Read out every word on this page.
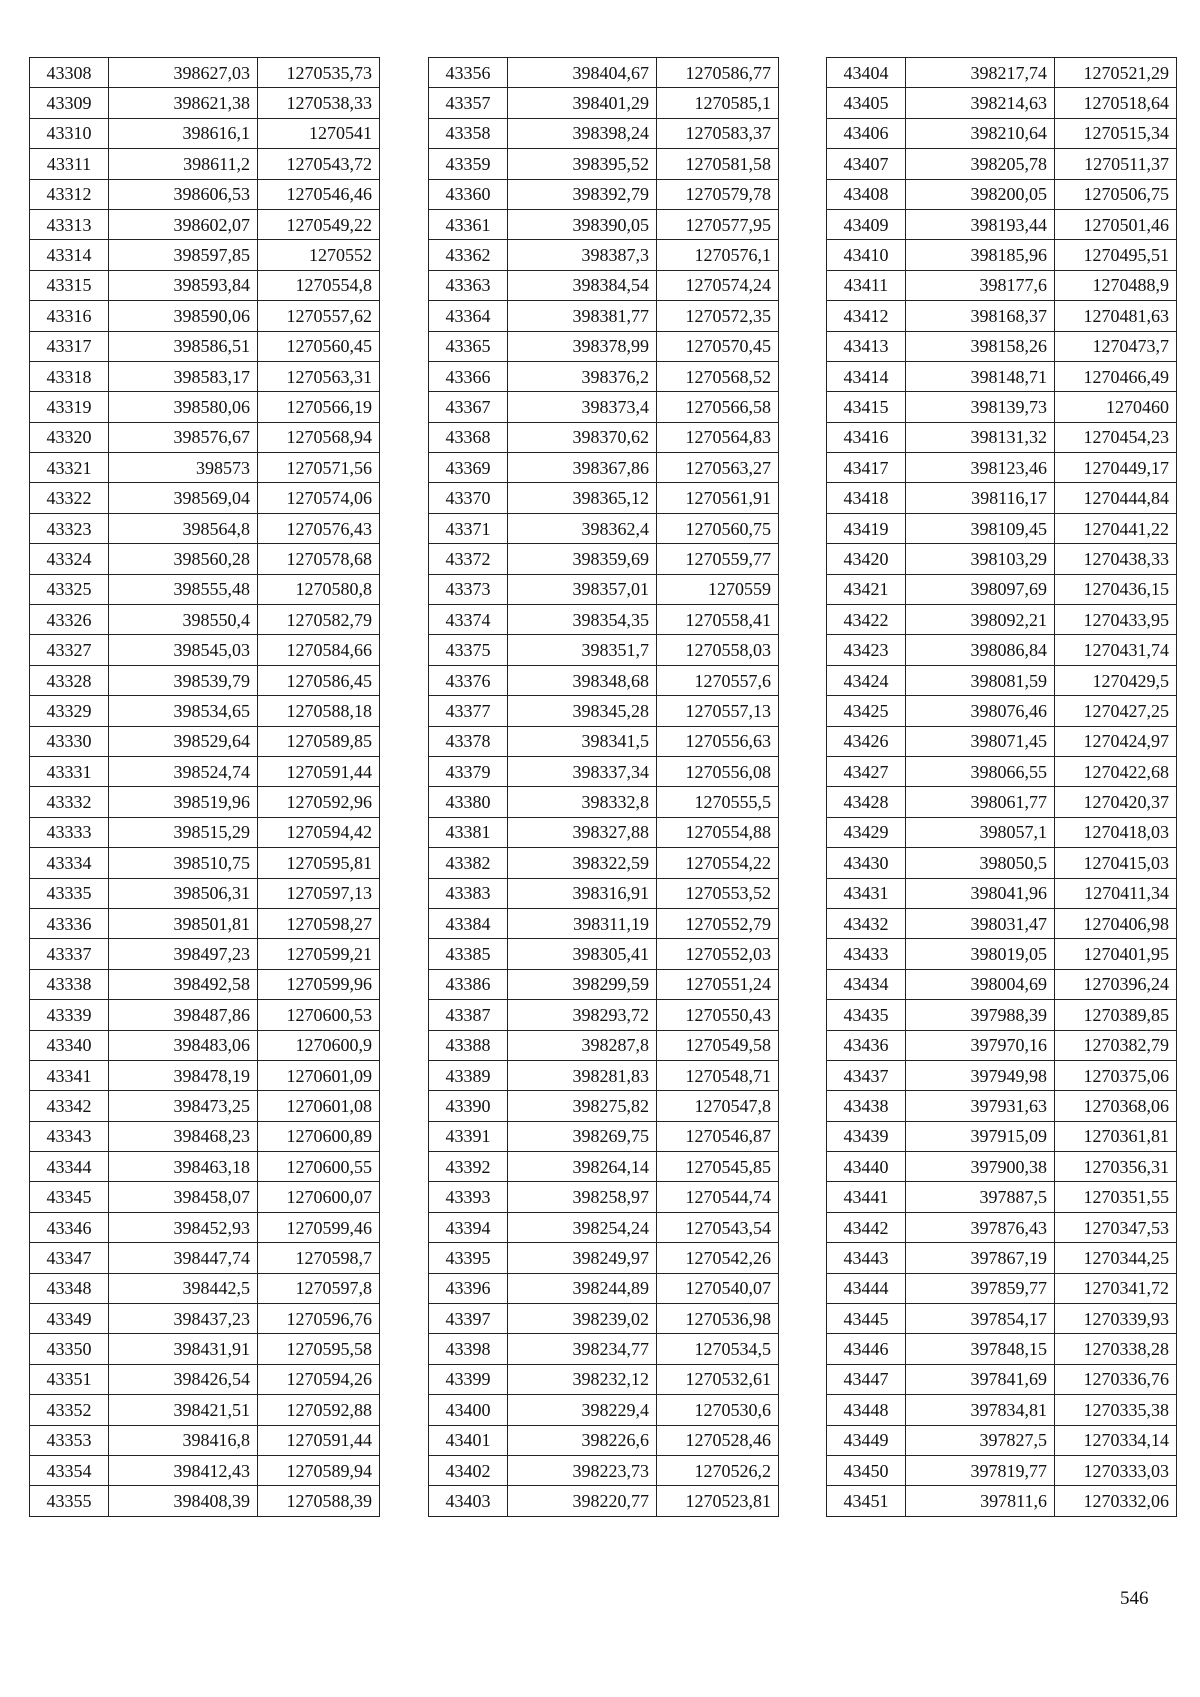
43308	398627,03	1270535,73
43309	398621,38	1270538,33
43310	398616,1	1270541
43311	398611,2	1270543,72
43312	398606,53	1270546,46
43313	398602,07	1270549,22
43314	398597,85	1270552
43315	398593,84	1270554,8
43316	398590,06	1270557,62
43317	398586,51	1270560,45
43318	398583,17	1270563,31
43319	398580,06	1270566,19
43320	398576,67	1270568,94
43321	398573	1270571,56
43322	398569,04	1270574,06
43323	398564,8	1270576,43
43324	398560,28	1270578,68
43325	398555,48	1270580,8
43326	398550,4	1270582,79
43327	398545,03	1270584,66
43328	398539,79	1270586,45
43329	398534,65	1270588,18
43330	398529,64	1270589,85
43331	398524,74	1270591,44
43332	398519,96	1270592,96
43333	398515,29	1270594,42
43334	398510,75	1270595,81
43335	398506,31	1270597,13
43336	398501,81	1270598,27
43337	398497,23	1270599,21
43338	398492,58	1270599,96
43339	398487,86	1270600,53
43340	398483,06	1270600,9
43341	398478,19	1270601,09
43342	398473,25	1270601,08
43343	398468,23	1270600,89
43344	398463,18	1270600,55
43345	398458,07	1270600,07
43346	398452,93	1270599,46
43347	398447,74	1270598,7
43348	398442,5	1270597,8
43349	398437,23	1270596,76
43350	398431,91	1270595,58
43351	398426,54	1270594,26
43352	398421,51	1270592,88
43353	398416,8	1270591,44
43354	398412,43	1270589,94
43355	398408,39	1270588,39
43356	398404,67	1270586,77
43357	398401,29	1270585,1
43358	398398,24	1270583,37
43359	398395,52	1270581,58
43360	398392,79	1270579,78
43361	398390,05	1270577,95
43362	398387,3	1270576,1
43363	398384,54	1270574,24
43364	398381,77	1270572,35
43365	398378,99	1270570,45
43366	398376,2	1270568,52
43367	398373,4	1270566,58
43368	398370,62	1270564,83
43369	398367,86	1270563,27
43370	398365,12	1270561,91
43371	398362,4	1270560,75
43372	398359,69	1270559,77
43373	398357,01	1270559
43374	398354,35	1270558,41
43375	398351,7	1270558,03
43376	398348,68	1270557,6
43377	398345,28	1270557,13
43378	398341,5	1270556,63
43379	398337,34	1270556,08
43380	398332,8	1270555,5
43381	398327,88	1270554,88
43382	398322,59	1270554,22
43383	398316,91	1270553,52
43384	398311,19	1270552,79
43385	398305,41	1270552,03
43386	398299,59	1270551,24
43387	398293,72	1270550,43
43388	398287,8	1270549,58
43389	398281,83	1270548,71
43390	398275,82	1270547,8
43391	398269,75	1270546,87
43392	398264,14	1270545,85
43393	398258,97	1270544,74
43394	398254,24	1270543,54
43395	398249,97	1270542,26
43396	398244,89	1270540,07
43397	398239,02	1270536,98
43398	398234,77	1270534,5
43399	398232,12	1270532,61
43400	398229,4	1270530,6
43401	398226,6	1270528,46
43402	398223,73	1270526,2
43403	398220,77	1270523,81
43404	398217,74	1270521,29
43405	398214,63	1270518,64
43406	398210,64	1270515,34
43407	398205,78	1270511,37
43408	398200,05	1270506,75
43409	398193,44	1270501,46
43410	398185,96	1270495,51
43411	398177,6	1270488,9
43412	398168,37	1270481,63
43413	398158,26	1270473,7
43414	398148,71	1270466,49
43415	398139,73	1270460
43416	398131,32	1270454,23
43417	398123,46	1270449,17
43418	398116,17	1270444,84
43419	398109,45	1270441,22
43420	398103,29	1270438,33
43421	398097,69	1270436,15
43422	398092,21	1270433,95
43423	398086,84	1270431,74
43424	398081,59	1270429,5
43425	398076,46	1270427,25
43426	398071,45	1270424,97
43427	398066,55	1270422,68
43428	398061,77	1270420,37
43429	398057,1	1270418,03
43430	398050,5	1270415,03
43431	398041,96	1270411,34
43432	398031,47	1270406,98
43433	398019,05	1270401,95
43434	398004,69	1270396,24
43435	397988,39	1270389,85
43436	397970,16	1270382,79
43437	397949,98	1270375,06
43438	397931,63	1270368,06
43439	397915,09	1270361,81
43440	397900,38	1270356,31
43441	397887,5	1270351,55
43442	397876,43	1270347,53
43443	397867,19	1270344,25
43444	397859,77	1270341,72
43445	397854,17	1270339,93
43446	397848,15	1270338,28
43447	397841,69	1270336,76
43448	397834,81	1270335,38
43449	397827,5	1270334,14
43450	397819,77	1270333,03
43451	397811,6	1270332,06
546
